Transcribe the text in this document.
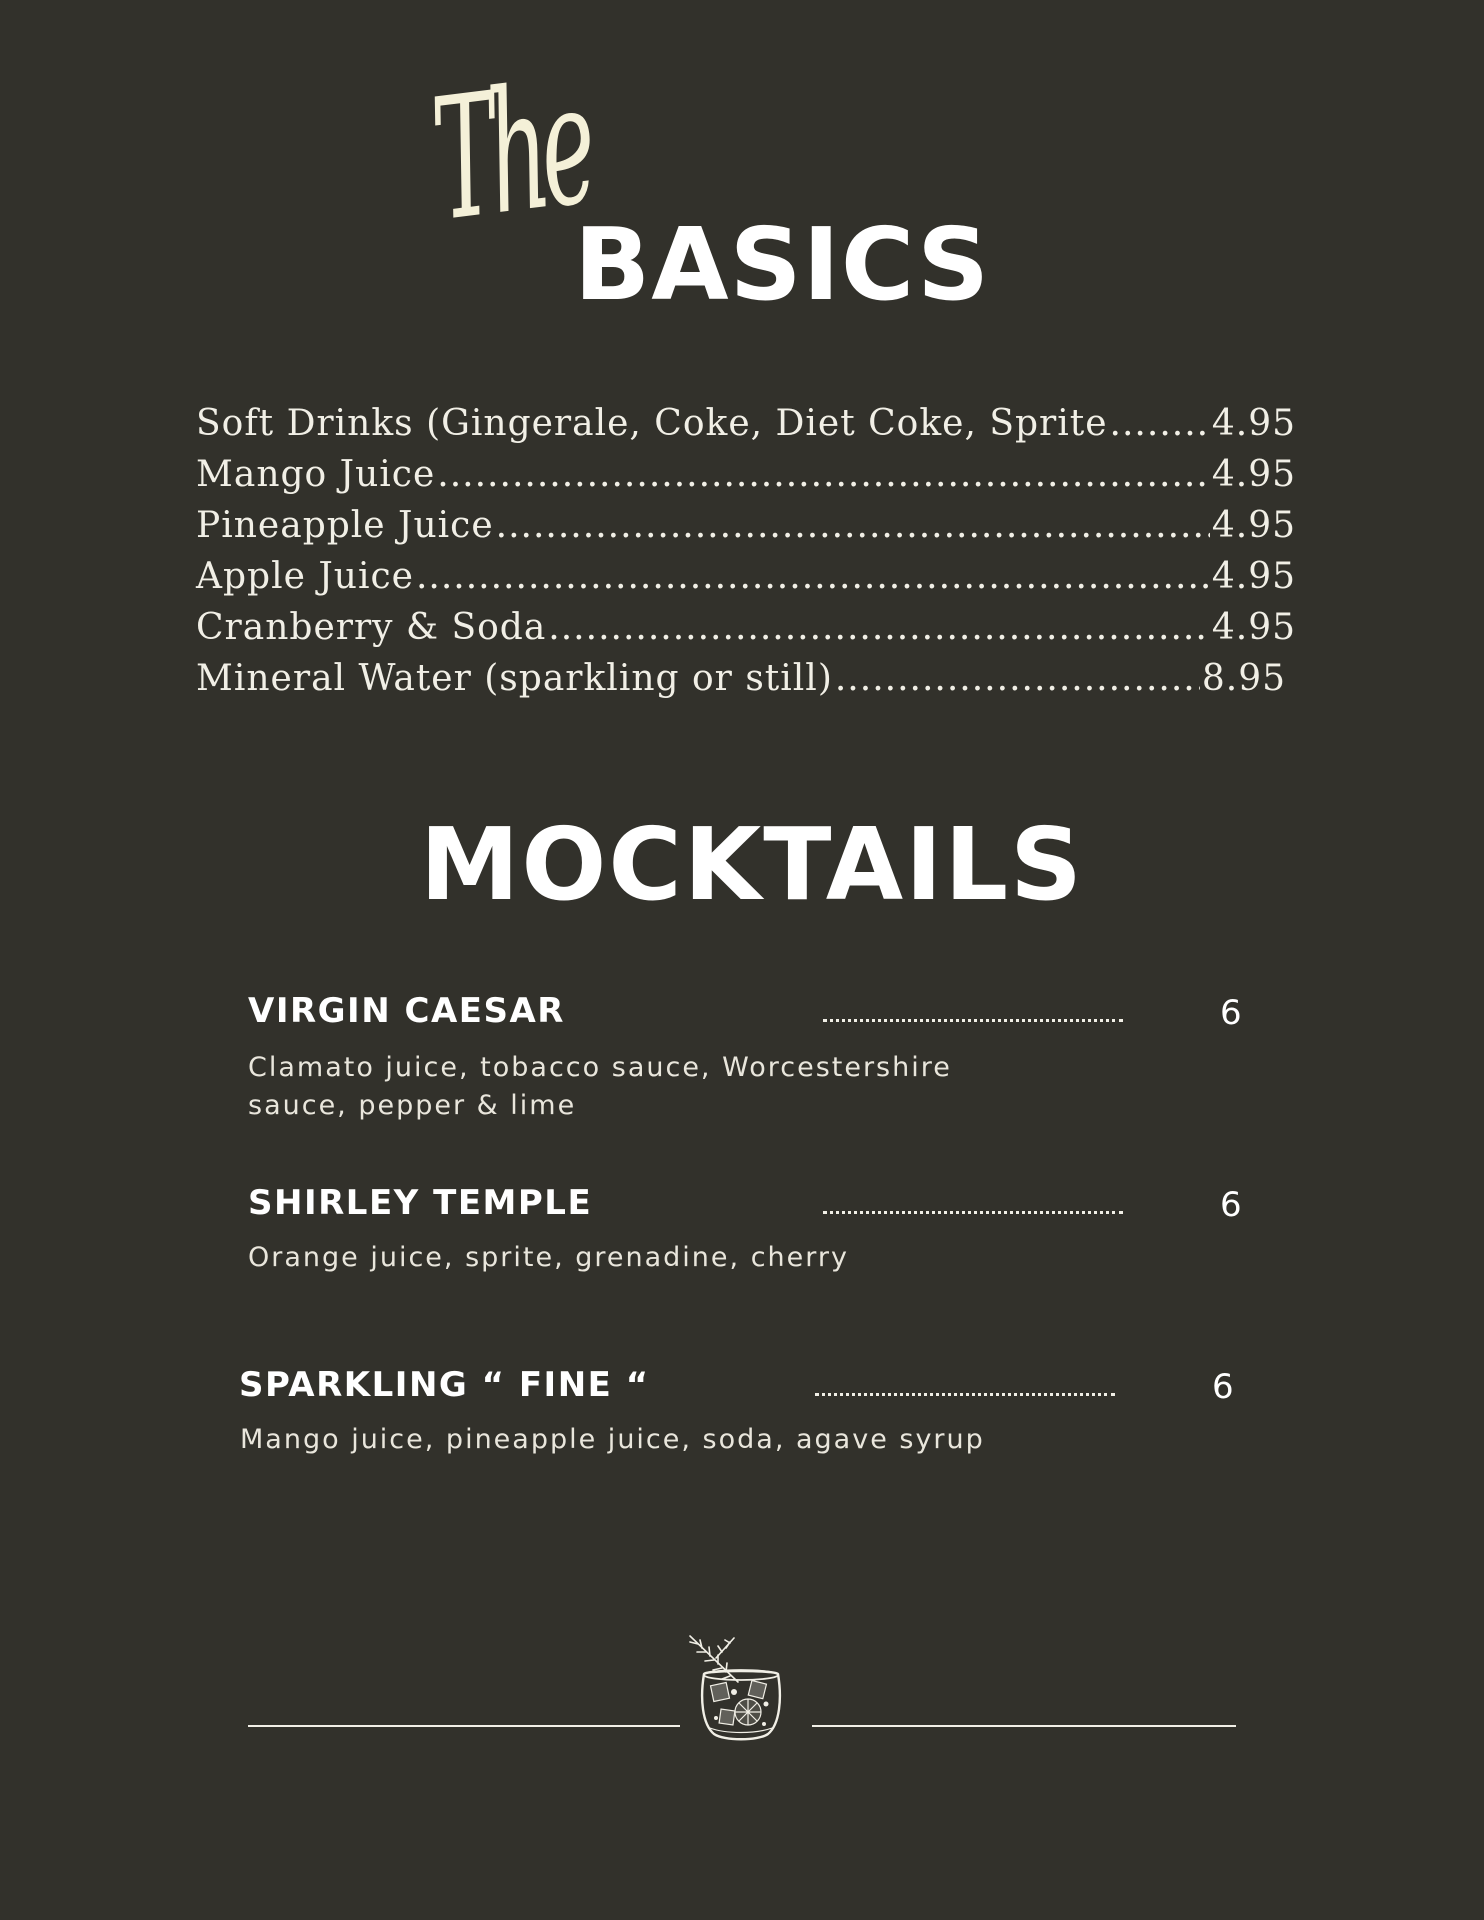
The
BASICS
Soft Drinks (Gingerale, Coke, Diet Coke, Sprite .....	4.95
Mango Juice .....	4.95
Pineapple Juice .....	4.95
Apple Juice .....	4.95
Cranberry & Soda .....	4.95
Mineral Water (sparkling or still) .....	8.95
MOCKTAILS
VIRGIN CAESAR	6
Clamato juice, tobacco sauce, Worcestershire sauce, pepper & lime
SHIRLEY TEMPLE	6
Orange juice, sprite, grenadine, cherry
SPARKLING “ FINE “	6
Mango juice, pineapple juice, soda, agave syrup
